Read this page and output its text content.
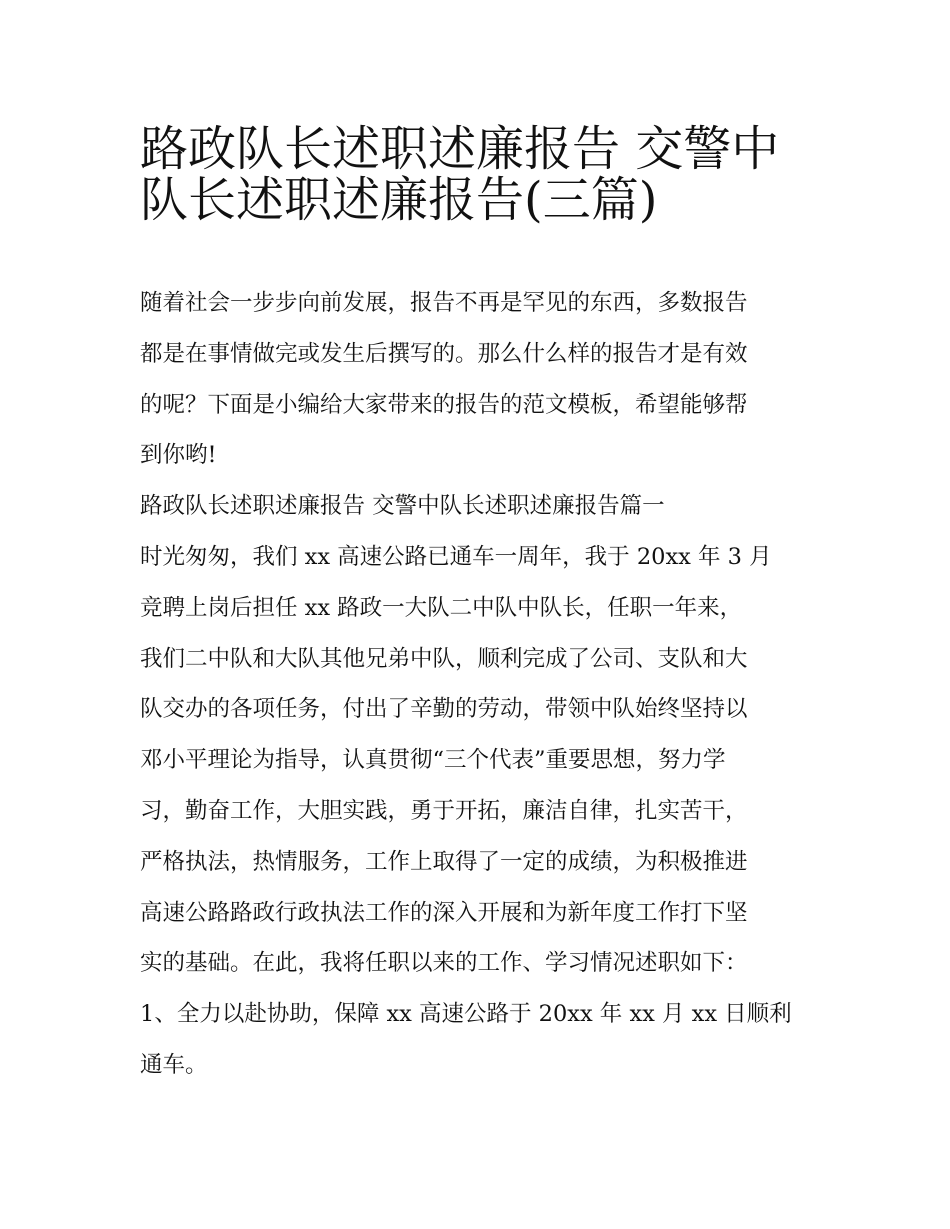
路政队长述职述廉报告 交警中
队长述职述廉报告(三篇)
随着社会一步步向前发展，报告不再是罕见的东西，多数报告
都是在事情做完或发生后撰写的。那么什么样的报告才是有效
的呢？下面是小编给大家带来的报告的范文模板，希望能够帮
到你哟!
路政队长述职述廉报告 交警中队长述职述廉报告篇一
时光匆匆，我们 xx 高速公路已通车一周年，我于 20xx 年 3 月
竞聘上岗后担任 xx 路政一大队二中队中队长，任职一年来，
我们二中队和大队其他兄弟中队，顺利完成了公司、支队和大
队交办的各项任务，付出了辛勤的劳动，带领中队始终坚持以
邓小平理论为指导，认真贯彻“三个代表”重要思想，努力学
习，勤奋工作，大胆实践，勇于开拓，廉洁自律，扎实苦干，
严格执法，热情服务，工作上取得了一定的成绩，为积极推进
高速公路路政行政执法工作的深入开展和为新年度工作打下坚
实的基础。在此，我将任职以来的工作、学习情况述职如下：
1、全力以赴协助，保障 xx 高速公路于 20xx 年 xx 月 xx 日顺利
通车。
